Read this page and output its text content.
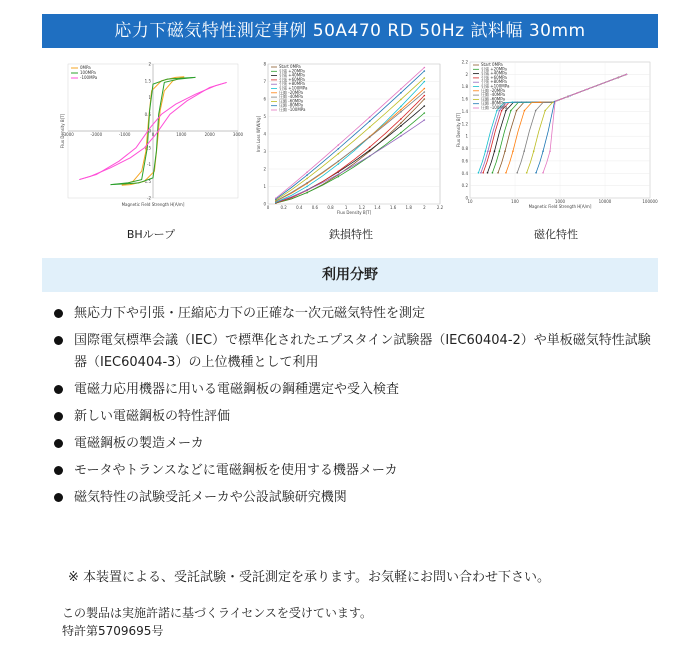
応力下磁気特性測定事例 50A470 RD 50Hz 試料幅 30mm
-3000	-2000	-1000	0	1000	2000	3000
2
1.5
1
0.5
0
-0.5
-1
-1.5
-2
Magnetic Field Strength H[A/m]
Flux Density B[T]
0MPa
100MPa
-100MPa
BHループ
0
1
2
3
4
5
6
7
8
0	0.2 0.4 0.6 0.8	1	1.2 1.4 1.6 1.8	2	2.2
Flux Density B[T]
Iron Loss W[W/kg]
Start 0MPa
引張 +20MPa
引張 +40MPa
引張 +60MPa
引張 +80MPa
引張 +100MPa
圧縮 -20MPa
圧縮 -40MPa
圧縮 -60MPa
圧縮 -80MPa
圧縮 -100MPa
鉄損特性
2.2
2
1.8
1.6
1.4
1.2
1
0.8
0.6
0.4
0.2
0
10	100	1000	10000	100000
Magnetic Field Strength H[A/m]
Flux Density B[T]
Start 0MPa
引張 +20MPa
引張 +40MPa
引張 +60MPa
引張 +80MPa
引張 +100MPa
圧縮 -20MPa
圧縮 -40MPa
圧縮 -60MPa
圧縮 -80MPa
圧縮 -100MPa
磁化特性
利用分野
無応力下や引張・圧縮応力下の正確な一次元磁気特性を測定
国際電気標準会議（IEC）で標準化されたエプスタイン試験器（IEC60404-2）や単板磁気特性試験器（IEC60404-3）の上位機種として利用
電磁力応用機器に用いる電磁鋼板の鋼種選定や受入検査
新しい電磁鋼板の特性評価
電磁鋼板の製造メーカ
モータやトランスなどに電磁鋼板を使用する機器メーカ
磁気特性の試験受託メーカや公設試験研究機関
※ 本装置による、受託試験・受託測定を承ります。お気軽にお問い合わせ下さい。
この製品は実施許諾に基づくライセンスを受けています。
特許第5709695号
